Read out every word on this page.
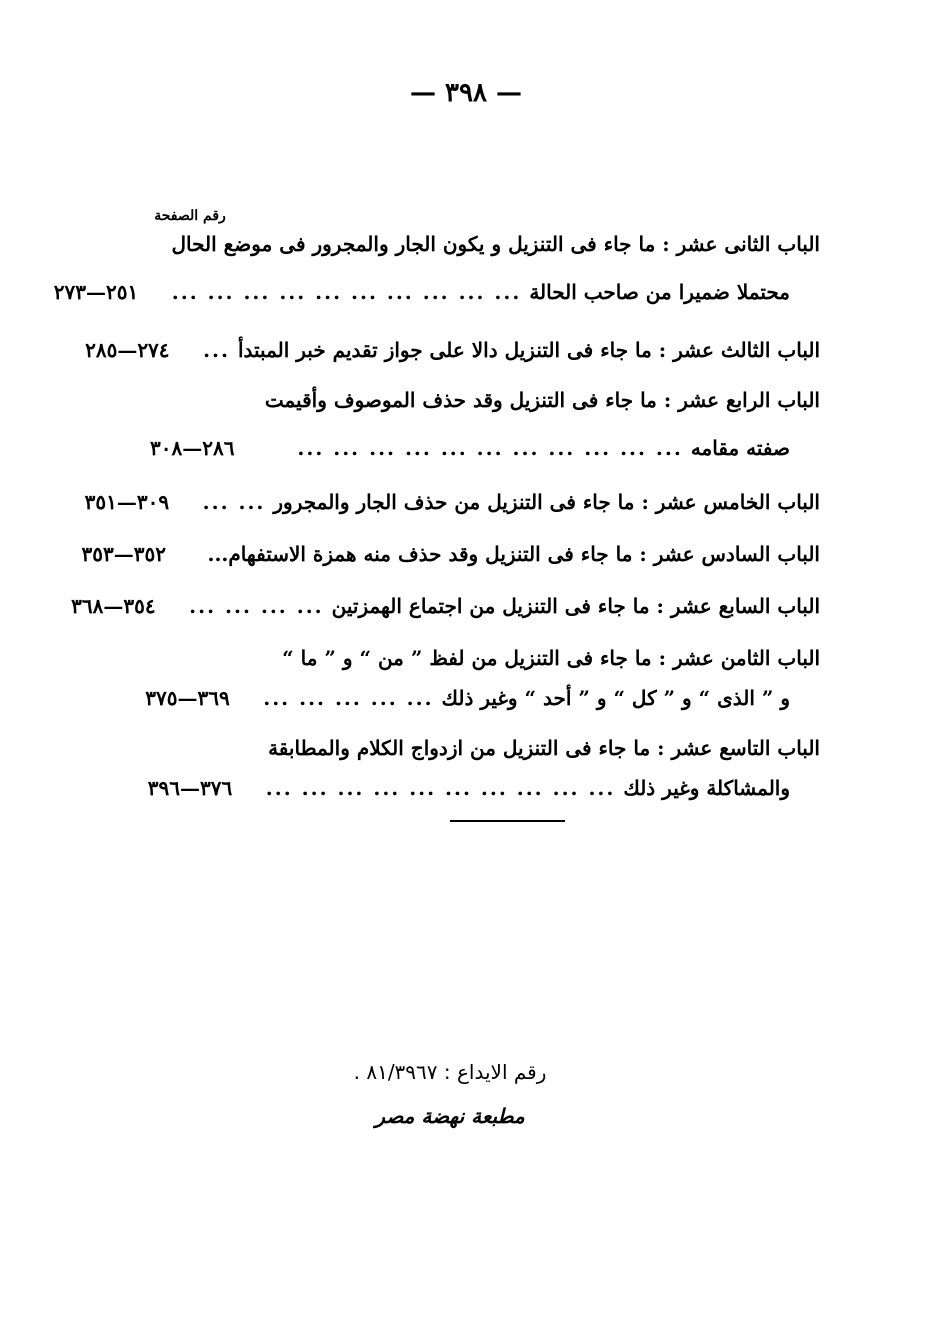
— ٣٩٨ —
رقم الصفحة
الباب الثانى عشر : ما جاء فى التنزيل و يكون الجار والمجرور فى موضع الحال
محتملا ضميرا من صاحب الحالة
... ... ... ... ... ... ... ... ... ...
٢٥١—٢٧٣
الباب الثالث عشر : ما جاء فى التنزيل دالا على جواز تقديم خبر المبتدأ
...
٢٧٤—٢٨٥
الباب الرابع عشر : ما جاء فى التنزيل وقد حذف الموصوف وأقيمت
صفته مقامه
... ... ... ... ... ... ... ... ... ... ...
٢٨٦—٣٠٨
الباب الخامس عشر : ما جاء فى التنزيل من حذف الجار والمجرور
... ...
٣٠٩—٣٥١
الباب السادس عشر : ما جاء فى التنزيل وقد حذف منه همزة الاستفهام...
٣٥٢—٣٥٣
الباب السابع عشر : ما جاء فى التنزيل من اجتماع الهمزتين
... ... ... ...
٣٥٤—٣٦٨
الباب الثامن عشر : ما جاء فى التنزيل من لفظ ” من “ و ” ما “
و ” الذى “ و ” كل “ و ” أحد “ وغير ذلك
... ... ... ... ...
٣٦٩—٣٧٥
الباب التاسع عشر : ما جاء فى التنزيل من ازدواج الكلام والمطابقة
والمشاكلة وغير ذلك
... ... ... ... ... ... ... ... ... ...
٣٧٦—٣٩٦
رقم الايداع : ٨١/٣٩٦٧ .
مطبعة نهضة مصر
